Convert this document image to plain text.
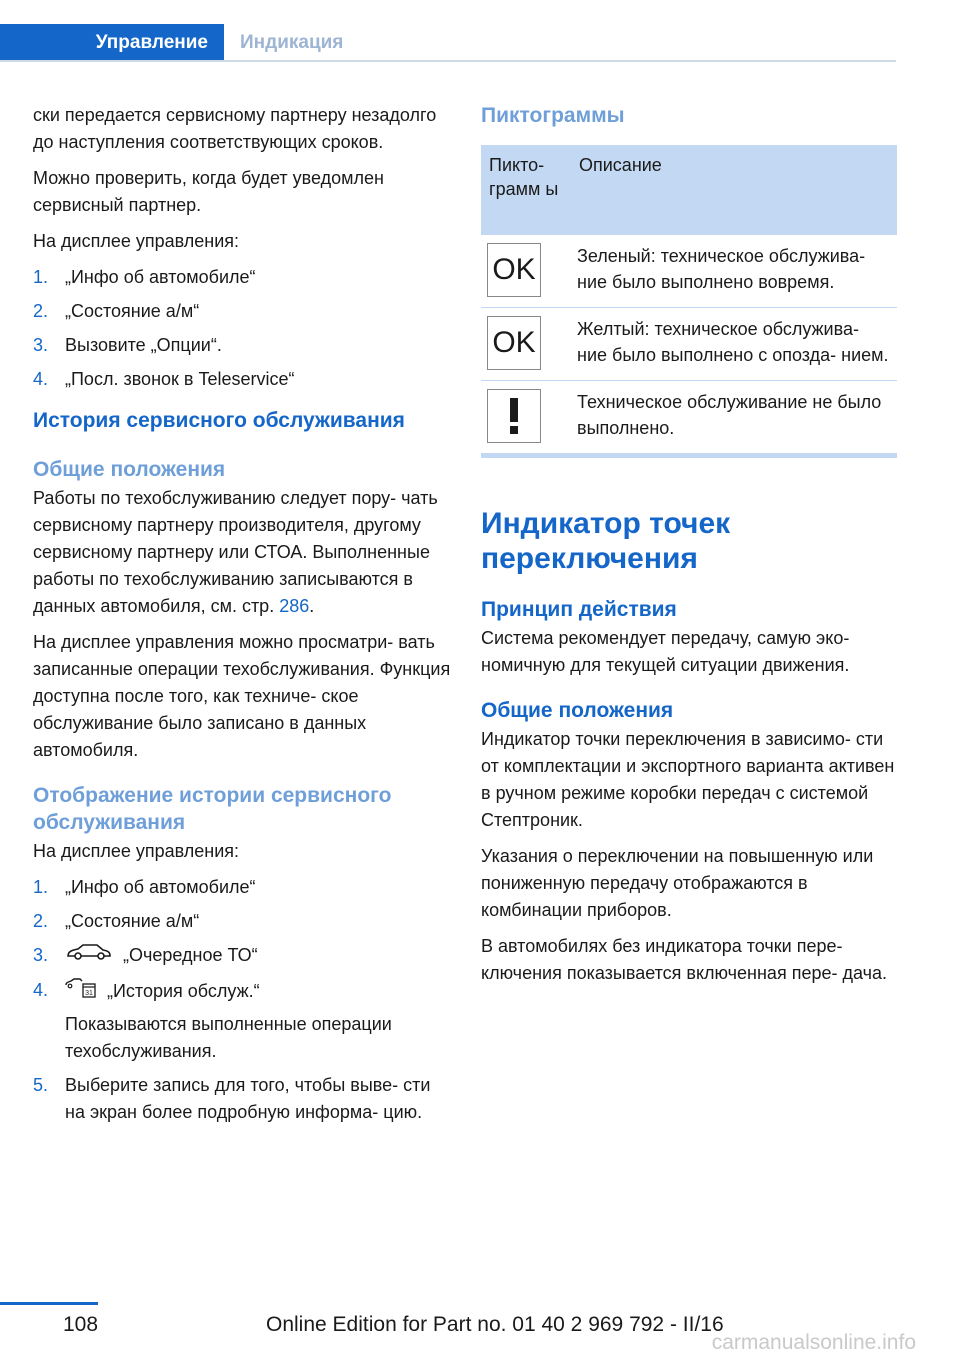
Управление	Индикация

ски передается сервисному партнеру незадолго до наступления соответствующих сроков.

Можно проверить, когда будет уведомлен сервисный партнер.

На дисплее управления:

1. „Инфо об автомобиле“
2. „Состояние а/м“
3. Вызовите „Опции“.
4. „Посл. звонок в Teleservice“
История сервисного обслуживания
Общие положения

Работы по техобслуживанию следует пору‐ чать сервисному партнеру производителя, другому сервисному партнеру или СТОА. Выполненные работы по техобслуживанию записываются в данных автомобиля, см. стр. 286.

На дисплее управления можно просматри‐ вать записанные операции техобслуживания. Функция доступна после того, как техниче‐ ское обслуживание было записано в данных автомобиля.

Отображение истории сервисного обслуживания

На дисплее управления:

1. „Инфо об автомобиле“
2. „Состояние а/м“
3.	„Очередное ТО“
4.	31 „История обслуж.“
Показываются выполненные операции техобслуживания.
5. Выберите запись для того, чтобы выве‐ сти на экран более подробную информа‐ цию.
Пиктограммы
Пикто‐ грамм ы	Описание

OK	Зеленый: техническое обслужива‐ ние было выполнено вовремя.

OK	Желтый: техническое обслужива‐ ние было выполнено с опозда‐ нием.

	Техническое обслуживание не было выполнено.
Индикатор точек переключения
Принцип действия

Система рекомендует передачу, самую эко‐ номичную для текущей ситуации движения.

Общие положения

Индикатор точки переключения в зависимо‐ сти от комплектации и экспортного варианта активен в ручном режиме коробки передач с системой Стептроник.

Указания о переключении на повышенную или пониженную передачу отображаются в комбинации приборов.

В автомобилях без индикатора точки пере‐ ключения показывается включенная пере‐ дача.

108	Online Edition for Part no. 01 40 2 969 792 - II/16
carmanualsonline.info
